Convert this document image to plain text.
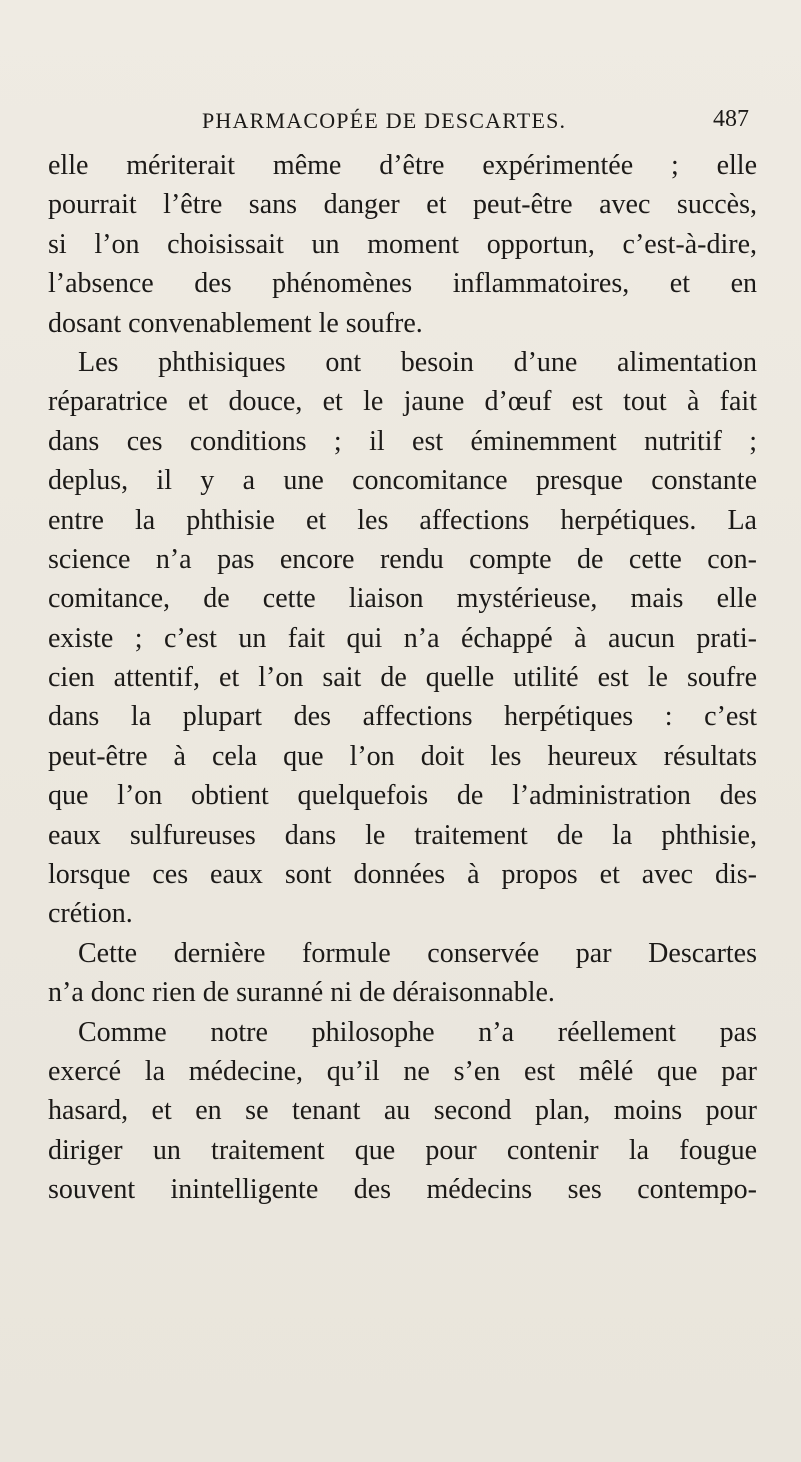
PHARMACOPÉE DE DESCARTES.	487
elle mériterait même d’être expérimentée ; elle
pourrait l’être sans danger et peut-être avec succès,
si l’on choisissait un moment opportun, c’est-à-dire,
l’absence des phénomènes inflammatoires, et en
dosant convenablement le soufre.
Les phthisiques ont besoin d’une alimentation
réparatrice et douce, et le jaune d’œuf est tout à fait
dans ces conditions ; il est éminemment nutritif ;
deplus, il y a une concomitance presque constante
entre la phthisie et les affections herpétiques. La
science n’a pas encore rendu compte de cette con-
comitance, de cette liaison mystérieuse, mais elle
existe ; c’est un fait qui n’a échappé à aucun prati-
cien attentif, et l’on sait de quelle utilité est le soufre
dans la plupart des affections herpétiques : c’est
peut-être à cela que l’on doit les heureux résultats
que l’on obtient quelquefois de l’administration des
eaux sulfureuses dans le traitement de la phthisie,
lorsque ces eaux sont données à propos et avec dis-
crétion.
Cette dernière formule conservée par Descartes
n’a donc rien de suranné ni de déraisonnable.
Comme notre philosophe n’a réellement pas
exercé la médecine, qu’il ne s’en est mêlé que par
hasard, et en se tenant au second plan, moins pour
diriger un traitement que pour contenir la fougue
souvent inintelligente des médecins ses contempo-
